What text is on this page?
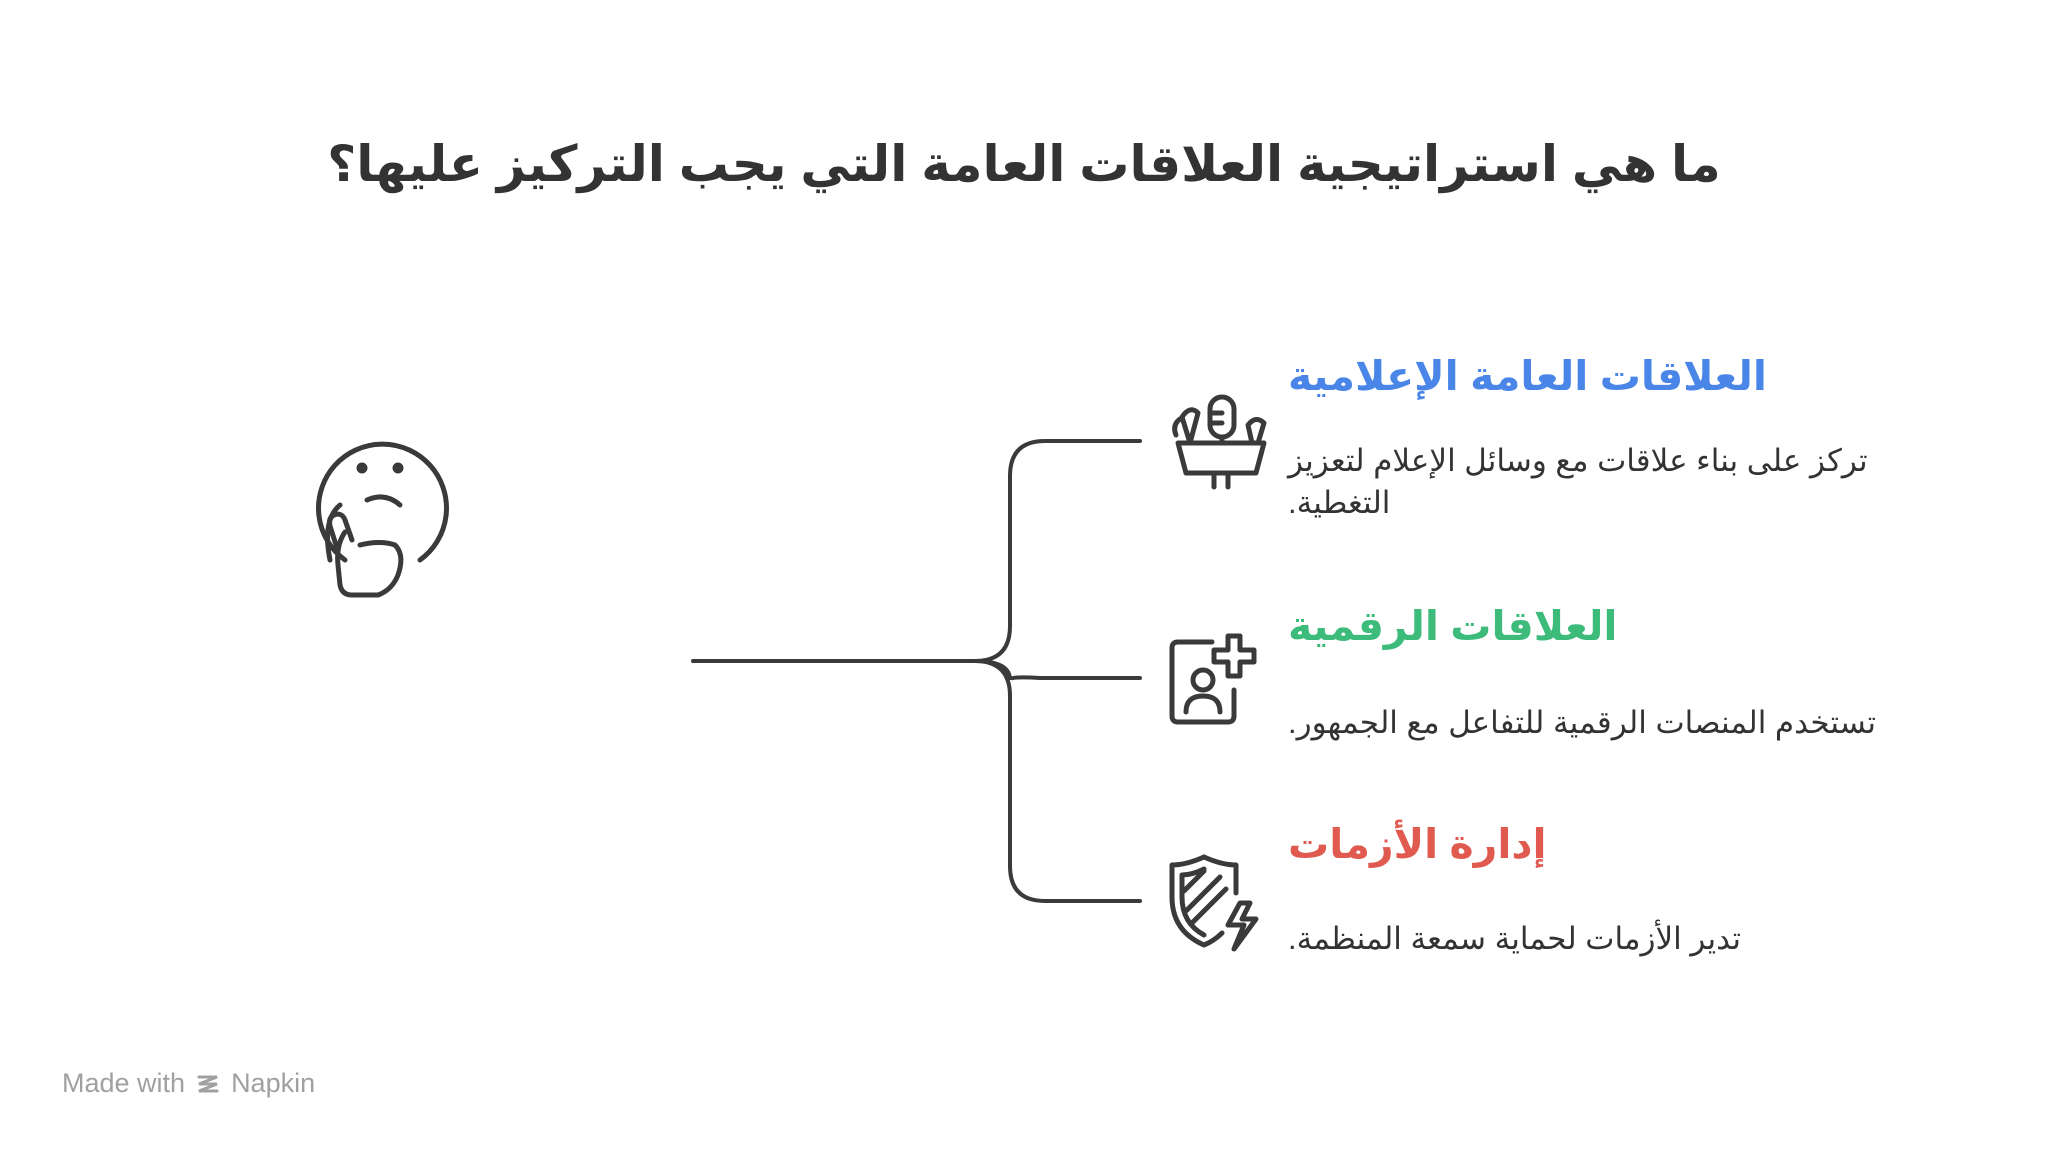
ما هي استراتيجية العلاقات العامة التي يجب التركيز عليها؟
العلاقات العامة الإعلامية
تركز على بناء علاقات مع وسائل الإعلام لتعزيز التغطية.
العلاقات الرقمية
تستخدم المنصات الرقمية للتفاعل مع الجمهور.
إدارة الأزمات
تدير الأزمات لحماية سمعة المنظمة.
Made with Napkin
